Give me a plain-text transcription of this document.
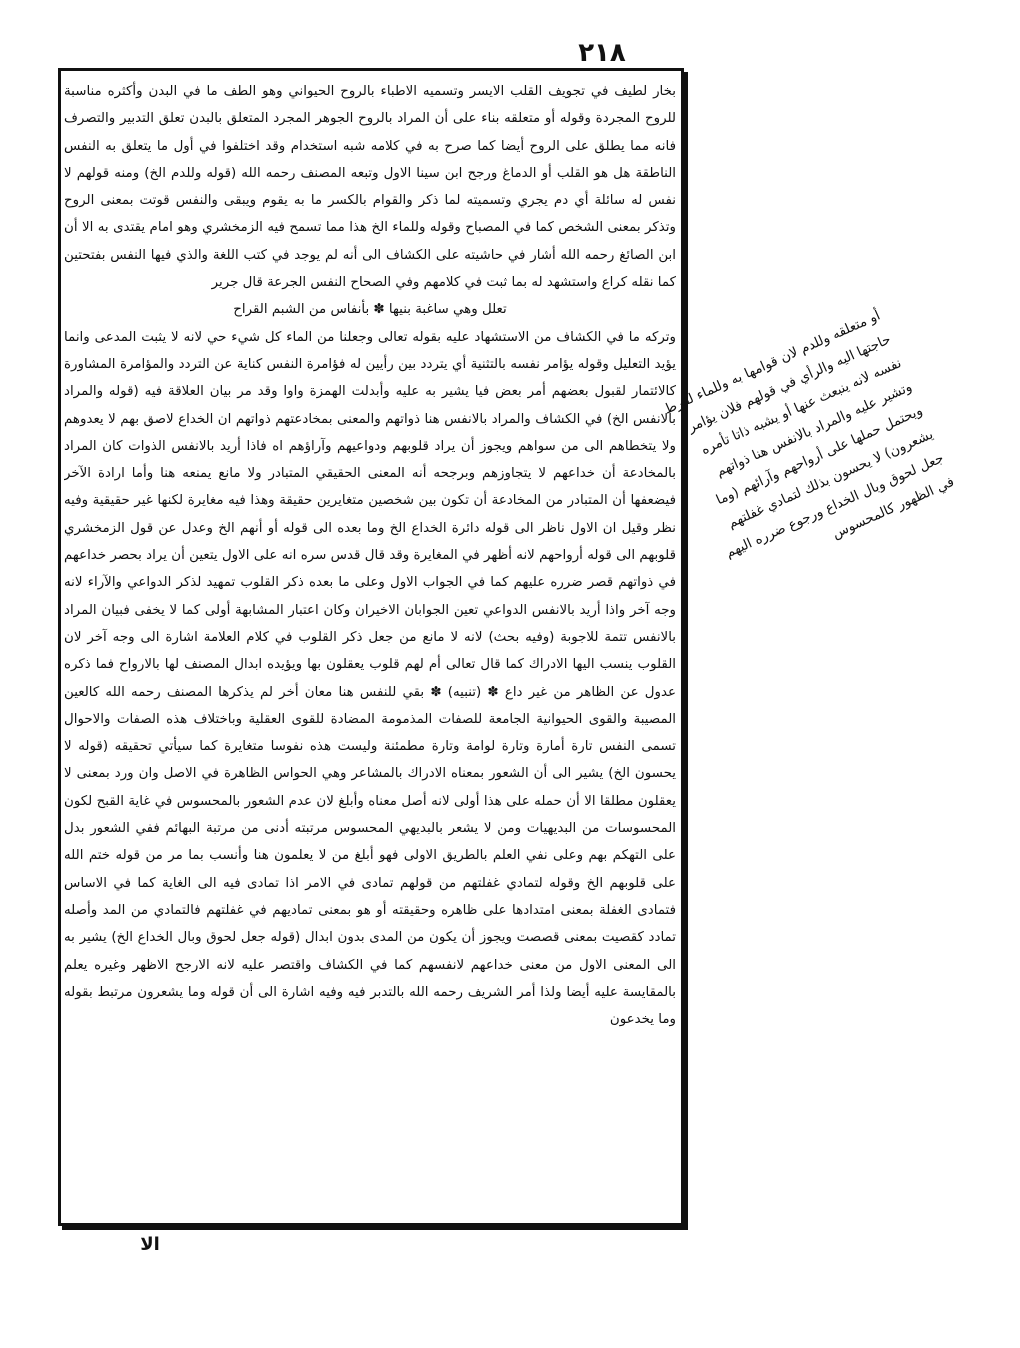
٢١٨

بخار لطيف في تجويف القلب الايسر وتسميه الاطباء بالروح الحيواني وهو الطف ما في البدن وأكثره مناسبة للروح المجردة وقوله أو متعلقه بناء على أن المراد بالروح الجوهر المجرد المتعلق بالبدن تعلق التدبير والتصرف فانه مما يطلق على الروح أيضا كما صرح به في كلامه شبه استخدام وقد اختلفوا في أول ما يتعلق به النفس الناطقة هل هو القلب أو الدماغ ورجح ابن سينا الاول وتبعه المصنف رحمه الله (قوله وللدم الخ) ومنه قولهم لا نفس له سائلة أي دم يجري وتسميته لما ذكر والقوام بالكسر ما به يقوم ويبقى والنفس قوتت بمعنى الروح وتذكر بمعنى الشخص كما في المصباح وقوله وللماء الخ هذا مما تسمح فيه الزمخشري وهو امام يقتدى به الا أن ابن الصائغ رحمه الله أشار في حاشيته على الكشاف الى أنه لم يوجد في كتب اللغة والذي فيها النفس بفتحتين كما نقله كراع واستشهد له بما ثبت في كلامهم وفي الصحاح النفس الجرعة قال جرير

تعلل وهي ساغبة بنيها ✽ بأنفاس من الشبم القراح

وتركه ما في الكشاف من الاستشهاد عليه بقوله تعالى وجعلنا من الماء كل شيء حي لانه لا يثبت المدعى وانما يؤيد التعليل وقوله يؤامر نفسه بالتثنية أي يتردد بين رأيين له فؤامرة النفس كناية عن التردد والمؤامرة المشاورة كالائتمار لقبول بعضهم أمر بعض فيا يشير به عليه وأبدلت الهمزة واوا وقد مر بيان العلاقة فيه (قوله والمراد بالانفس الخ) في الكشاف والمراد بالانفس هنا ذواتهم والمعنى بمخادعتهم ذواتهم ان الخداع لاصق بهم لا يعدوهم ولا يتخطاهم الى من سواهم ويجوز أن يراد قلوبهم ودواعيهم وآراؤهم اه فاذا أريد بالانفس الذوات كان المراد بالمخادعة أن خداعهم لا يتجاوزهم وبرجحه أنه المعنى الحقيقي المتبادر ولا مانع يمنعه هنا وأما ارادة الآخر فيضعفها أن المتبادر من المخادعة أن تكون بين شخصين متغايرين حقيقة وهذا فيه مغايرة لكنها غير حقيقية وفيه نظر وقيل ان الاول ناظر الى قوله دائرة الخداع الخ وما بعده الى قوله أو أنهم الخ وعدل عن قول الزمخشري قلوبهم الى قوله أرواحهم لانه أظهر في المغايرة وقد قال قدس سره انه على الاول يتعين أن يراد بحصر خداعهم في ذواتهم قصر ضرره عليهم كما في الجواب الاول وعلى ما بعده ذكر القلوب تمهيد لذكر الدواعي والآراء لانه وجه آخر واذا أريد بالانفس الدواعي تعين الجوابان الاخيران وكان اعتبار المشابهة أولى كما لا يخفى فبيان المراد بالانفس تتمة للاجوبة (وفيه بحث) لانه لا مانع من جعل ذكر القلوب في كلام العلامة اشارة الى وجه آخر لان القلوب ينسب اليها الادراك كما قال تعالى أم لهم قلوب يعقلون بها ويؤيده ابدال المصنف لها بالارواح فما ذكره عدول عن الظاهر من غير داع ✽ (تنبيه) ✽ بقي للنفس هنا معان أخر لم يذكرها المصنف رحمه الله كالعين المصيبة والقوى الحيوانية الجامعة للصفات المذمومة المضادة للقوى العقلية وباختلاف هذه الصفات والاحوال تسمى النفس تارة أمارة وتارة لوامة وتارة مطمئنة وليست هذه نفوسا متغايرة كما سيأتي تحقيقه (قوله لا يحسون الخ) يشير الى أن الشعور بمعناه الادراك بالمشاعر وهي الحواس الظاهرة في الاصل وان ورد بمعنى لا يعقلون مطلقا الا أن حمله على هذا أولى لانه أصل معناه وأبلغ لان عدم الشعور بالمحسوس في غاية القبح لكون المحسوسات من البديهيات ومن لا يشعر بالبديهي المحسوس مرتبته أدنى من مرتبة البهائم ففي الشعور بدل على التهكم بهم وعلى نفي العلم بالطريق الاولى فهو أبلغ من لا يعلمون هنا وأنسب بما مر من قوله ختم الله على قلوبهم الخ وقوله لتمادي غفلتهم من قولهم تمادى في الامر اذا تمادى فيه الى الغاية كما في الاساس فتمادى الغفلة بمعنى امتدادها على ظاهره وحقيقته أو هو بمعنى تماديهم في غفلتهم فالتمادي من المد وأصله تمادد كقصيت بمعنى قصصت ويجوز أن يكون من المدى بدون ابدال (قوله جعل لحوق وبال الخداع الخ) يشير به الى المعنى الاول من معنى خداعهم لانفسهم كما في الكشاف واقتصر عليه لانه الارجح الاظهر وغيره يعلم بالمقايسة عليه أيضا ولذا أمر الشريف رحمه الله بالتدبر فيه وفيه اشارة الى أن قوله وما يشعرون مرتبط بقوله وما يخدعون

أو متعلقه وللدم لان قوامها به وللماء لفرط حاجتها اليه والرأي في قولهم فلان يؤامر نفسه لانه ينبعث عنها أو يشبه ذاتا تأمره وتشير عليه والمراد بالانفس هنا ذواتهم ويحتمل حملها على أرواحهم وآرائهم (وما يشعرون) لا يحسون بذلك لتمادي غفلتهم جعل لحوق وبال الخداع ورجوع ضرره اليهم في الظهور كالمحسوس
الا
